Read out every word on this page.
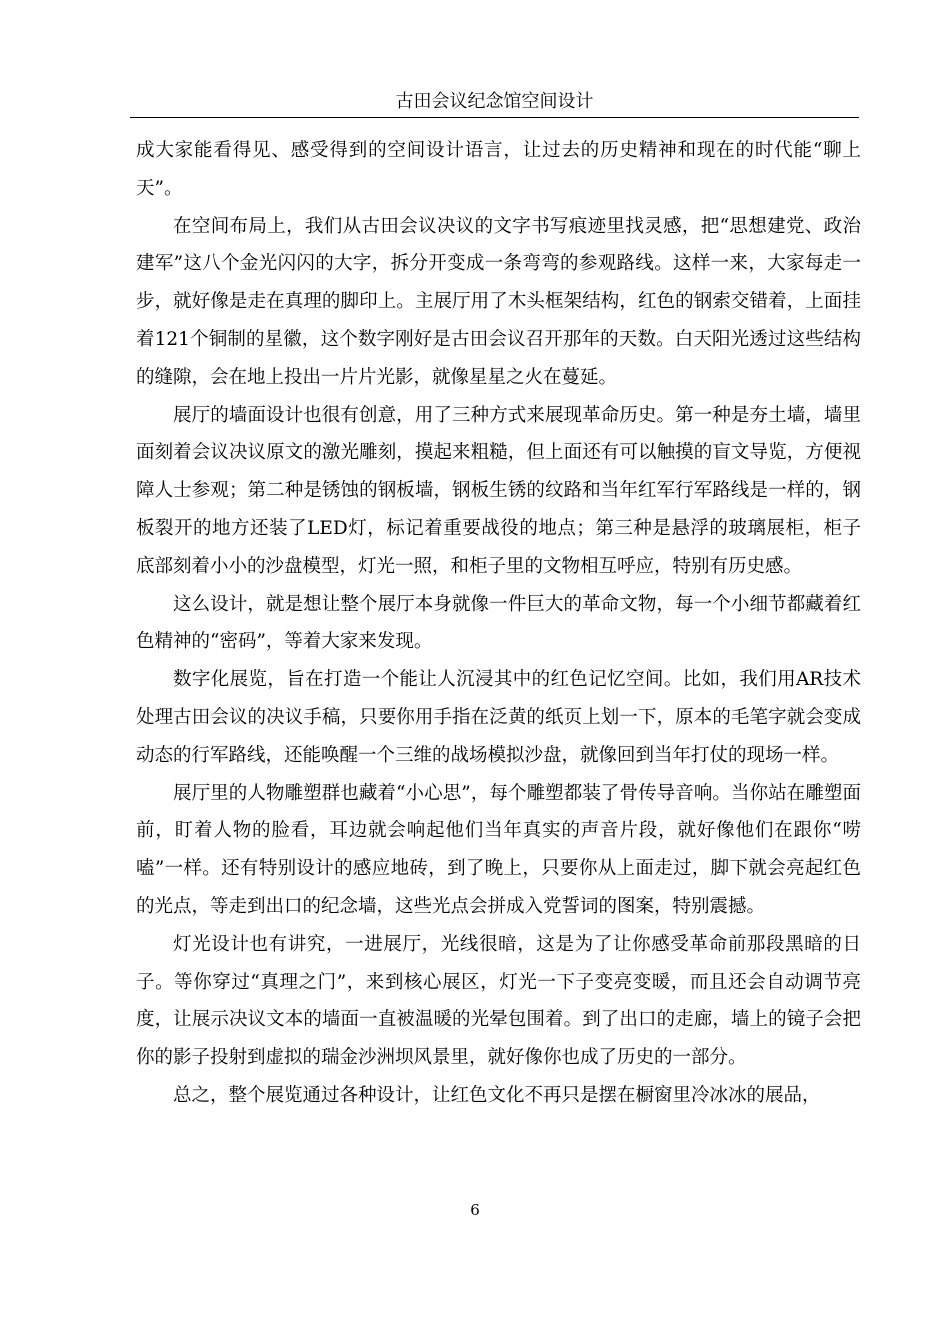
古田会议纪念馆空间设计

成大家能看得见、感受得到的空间设计语言，让过去的历史精神和现在的时代能“聊上天”。

在空间布局上，我们从古田会议决议的文字书写痕迹里找灵感，把“思想建党、政治建军”这八个金光闪闪的大字，拆分开变成一条弯弯的参观路线。这样一来，大家每走一步，就好像是走在真理的脚印上。主展厅用了木头框架结构，红色的钢索交错着，上面挂着121个铜制的星徽，这个数字刚好是古田会议召开那年的天数。白天阳光透过这些结构的缝隙，会在地上投出一片片光影，就像星星之火在蔓延。

展厅的墙面设计也很有创意，用了三种方式来展现革命历史。第一种是夯土墙，墙里面刻着会议决议原文的激光雕刻，摸起来粗糙，但上面还有可以触摸的盲文导览，方便视障人士参观；第二种是锈蚀的钢板墙，钢板生锈的纹路和当年红军行军路线是一样的，钢板裂开的地方还装了LED灯，标记着重要战役的地点；第三种是悬浮的玻璃展柜，柜子底部刻着小小的沙盘模型，灯光一照，和柜子里的文物相互呼应，特别有历史感。

这么设计，就是想让整个展厅本身就像一件巨大的革命文物，每一个小细节都藏着红色精神的“密码”，等着大家来发现。

数字化展览，旨在打造一个能让人沉浸其中的红色记忆空间。比如，我们用AR技术处理古田会议的决议手稿，只要你用手指在泛黄的纸页上划一下，原本的毛笔字就会变成动态的行军路线，还能唤醒一个三维的战场模拟沙盘，就像回到当年打仗的现场一样。

展厅里的人物雕塑群也藏着“小心思”，每个雕塑都装了骨传导音响。当你站在雕塑面前，盯着人物的脸看，耳边就会响起他们当年真实的声音片段，就好像他们在跟你“唠嗑”一样。还有特别设计的感应地砖，到了晚上，只要你从上面走过，脚下就会亮起红色的光点，等走到出口的纪念墙，这些光点会拼成入党誓词的图案，特别震撼。

灯光设计也有讲究，一进展厅，光线很暗，这是为了让你感受革命前那段黑暗的日子。等你穿过“真理之门”，来到核心展区，灯光一下子变亮变暖，而且还会自动调节亮度，让展示决议文本的墙面一直被温暖的光晕包围着。到了出口的走廊，墙上的镜子会把你的影子投射到虚拟的瑞金沙洲坝风景里，就好像你也成了历史的一部分。

总之，整个展览通过各种设计，让红色文化不再只是摆在橱窗里冷冰冰的展品，

6
